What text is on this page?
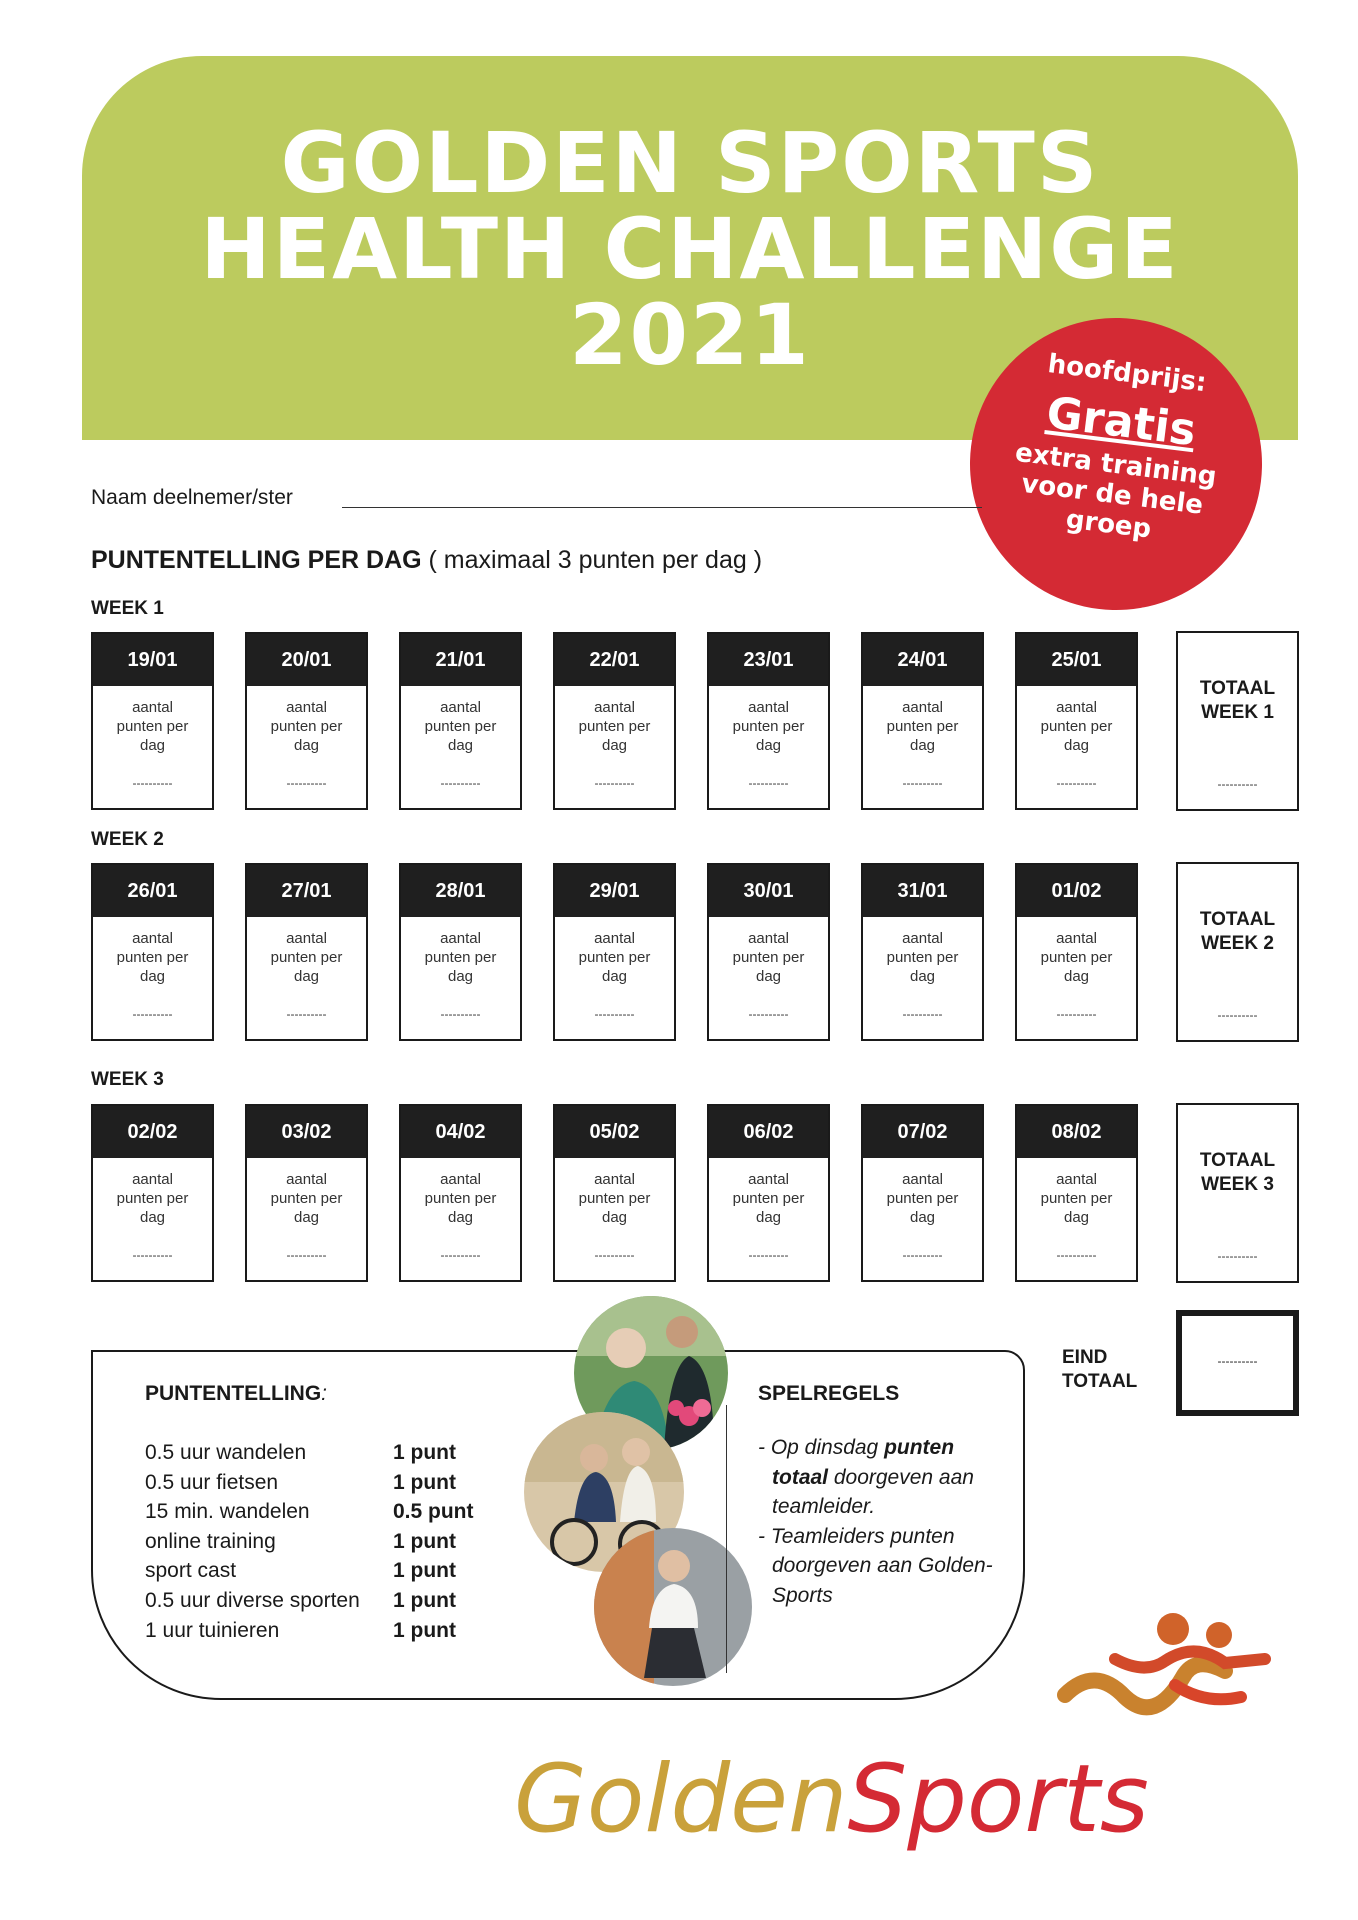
GOLDEN SPORTS
HEALTH CHALLENGE
2021	hoofdprijs:
Gratis
extra training voor de hele groep
Naam deelnemer/ster
PUNTENTELLING PER DAG ( maximaal 3 punten per dag )
WEEK 1
19/01
aantal punten per dag
----------
20/01
aantal punten per dag
----------
21/01
aantal punten per dag
----------
22/01
aantal punten per dag
----------
23/01
aantal punten per dag
----------
24/01
aantal punten per dag
----------
25/01
aantal punten per dag
----------
TOTAAL WEEK 1
----------
WEEK 2
26/01
aantal punten per dag
----------
27/01
aantal punten per dag
----------
28/01
aantal punten per dag
----------
29/01
aantal punten per dag
----------
30/01
aantal punten per dag
----------
31/01
aantal punten per dag
----------
01/02
aantal punten per dag
----------
TOTAAL WEEK 2
----------
WEEK 3
02/02
aantal punten per dag
----------
03/02
aantal punten per dag
----------
04/02
aantal punten per dag
----------
05/02
aantal punten per dag
----------
06/02
aantal punten per dag
----------
07/02
aantal punten per dag
----------
08/02
aantal punten per dag
----------
TOTAAL WEEK 3
----------
EIND TOTAAL
----------
PUNTENTELLING:
0.5 uur wandelen	1 punt
0.5 uur fietsen	1 punt
15 min. wandelen	0.5 punt
online training	1 punt
sport cast	1 punt
0.5 uur diverse sporten	1 punt
1 uur tuinieren	1 punt
SPELREGELS
- Op dinsdag punten totaal doorgeven aan teamleider.
- Teamleiders punten doorgeven aan GoldenSports
GoldenSports
